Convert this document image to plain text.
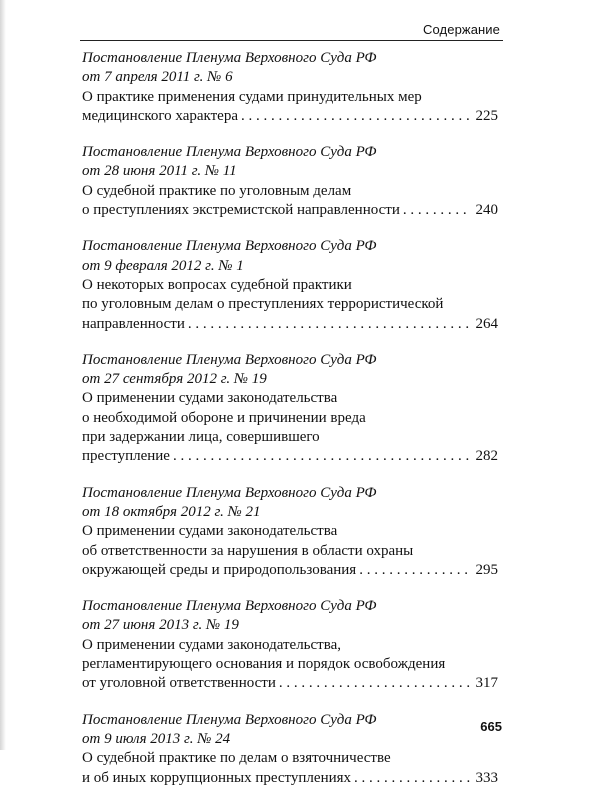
Содержание
Постановление Пленума Верховного Суда РФ
от 7 апреля 2011 г. № 6
О практике применения судами принудительных мер
медицинского характера . . .	225
Постановление Пленума Верховного Суда РФ
от 28 июня 2011 г. № 11
О судебной практике по уголовным делам
о преступлениях экстремистской направленности . . .	240
Постановление Пленума Верховного Суда РФ
от 9 февраля 2012 г. № 1
О некоторых вопросах судебной практики
по уголовным делам о преступлениях террористической
направленности . . .	264
Постановление Пленума Верховного Суда РФ
от 27 сентября 2012 г. № 19
О применении судами законодательства
о необходимой обороне и причинении вреда
при задержании лица, совершившего
преступление . . .	282
Постановление Пленума Верховного Суда РФ
от 18 октября 2012 г. № 21
О применении судами законодательства
об ответственности за нарушения в области охраны
окружающей среды и природопользования . . .	295
Постановление Пленума Верховного Суда РФ
от 27 июня 2013 г. № 19
О применении судами законодательства,
регламентирующего основания и порядок освобождения
от уголовной ответственности . . .	317
Постановление Пленума Верховного Суда РФ
от 9 июля 2013 г. № 24
О судебной практике по делам о взяточничестве
и об иных коррупционных преступлениях . . .	333
665
